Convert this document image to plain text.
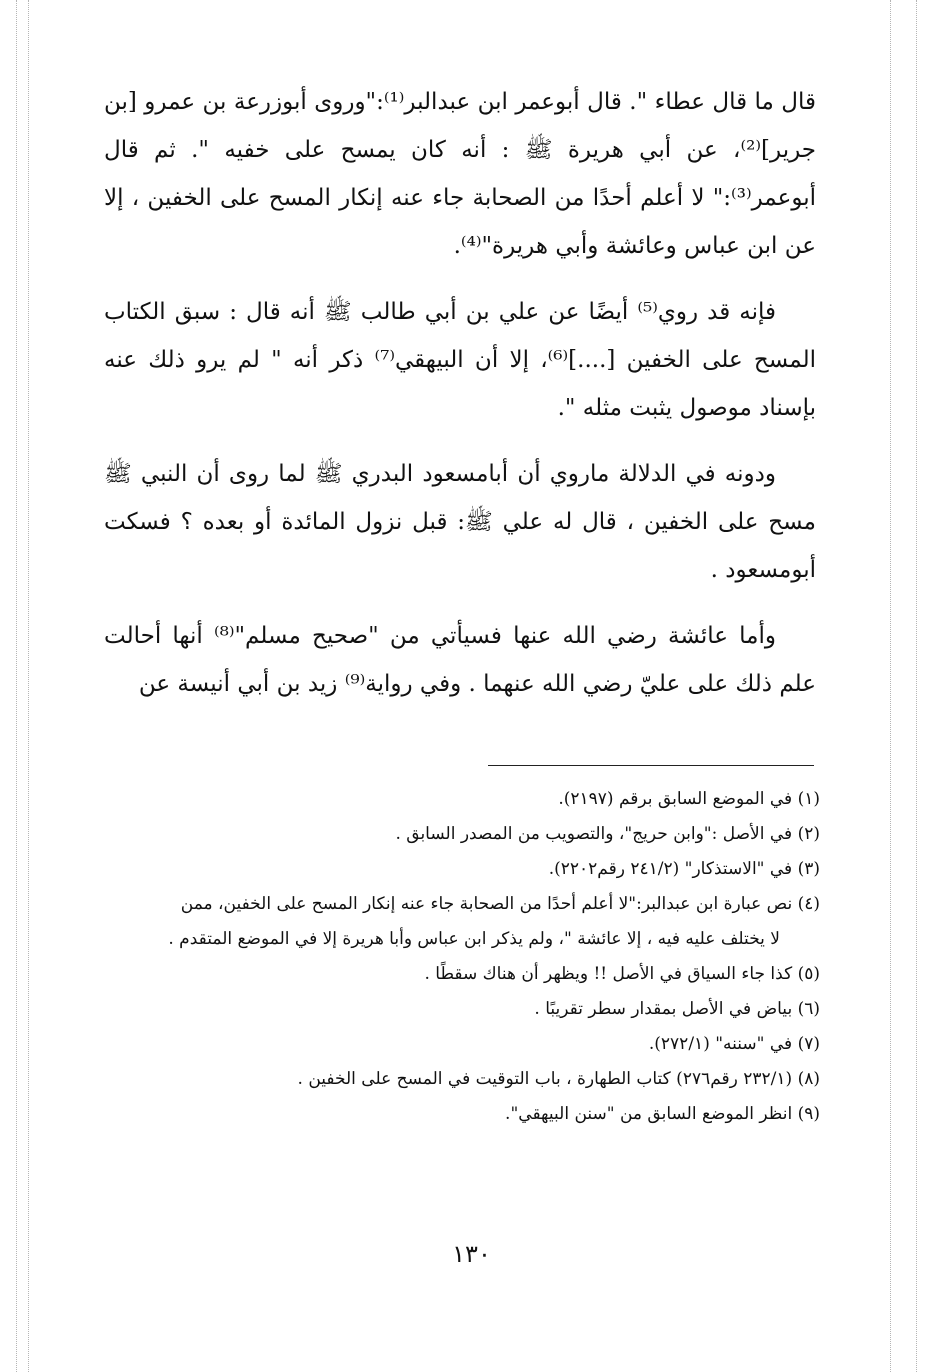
قال ما قال عطاء ". قال أبوعمر ابن عبدالبر⁽¹⁾:"وروى أبوزرعة بن عمرو [بن جرير]⁽²⁾، عن أبي هريرة ﷺ : أنه كان يمسح على خفيه ". ثم قال أبوعمر⁽³⁾:" لا أعلم أحدًا من الصحابة جاء عنه إنكار المسح على الخفين ، إلا عن ابن عباس وعائشة وأبي هريرة"⁽⁴⁾.

فإنه قد روي⁽⁵⁾ أيضًا عن علي بن أبي طالب ﷺ أنه قال : سبق الكتاب المسح على الخفين [....]⁽⁶⁾، إلا أن البيهقي⁽⁷⁾ ذكر أنه " لم يرو ذلك عنه بإسناد موصول يثبت مثله ".

ودونه في الدلالة ماروي أن أبامسعود البدري ﷺ لما روى أن النبي ﷺ مسح على الخفين ، قال له علي ﷺ: قبل نزول المائدة أو بعده ؟ فسكت أبومسعود .

وأما عائشة رضي الله عنها فسيأتي من "صحيح مسلم"⁽⁸⁾ أنها أحالت علم ذلك على عليّ رضي الله عنهما . وفي رواية⁽⁹⁾ زيد بن أبي أنيسة عن

(١) في الموضع السابق برقم (٢١٩٧).

(٢) في الأصل :"وابن حريج"، والتصويب من المصدر السابق .

(٣) في "الاستذكار" (٢٤١/٢ رقم٢٢٠٢).

(٤) نص عبارة ابن عبدالبر:"لا أعلم أحدًا من الصحابة جاء عنه إنكار المسح على الخفين، ممن

لا يختلف عليه فيه ، إلا عائشة "، ولم يذكر ابن عباس وأبا هريرة إلا في الموضع المتقدم .

(٥) كذا جاء السياق في الأصل !! ويظهر أن هناك سقطًا .

(٦) بياض في الأصل بمقدار سطر تقريبًا .

(٧) في "سننه" (٢٧٢/١).

(٨) (٢٣٢/١ رقم٢٧٦) كتاب الطهارة ، باب التوقيت في المسح على الخفين .

(٩) انظر الموضع السابق من "سنن البيهقي".

١٣٠
